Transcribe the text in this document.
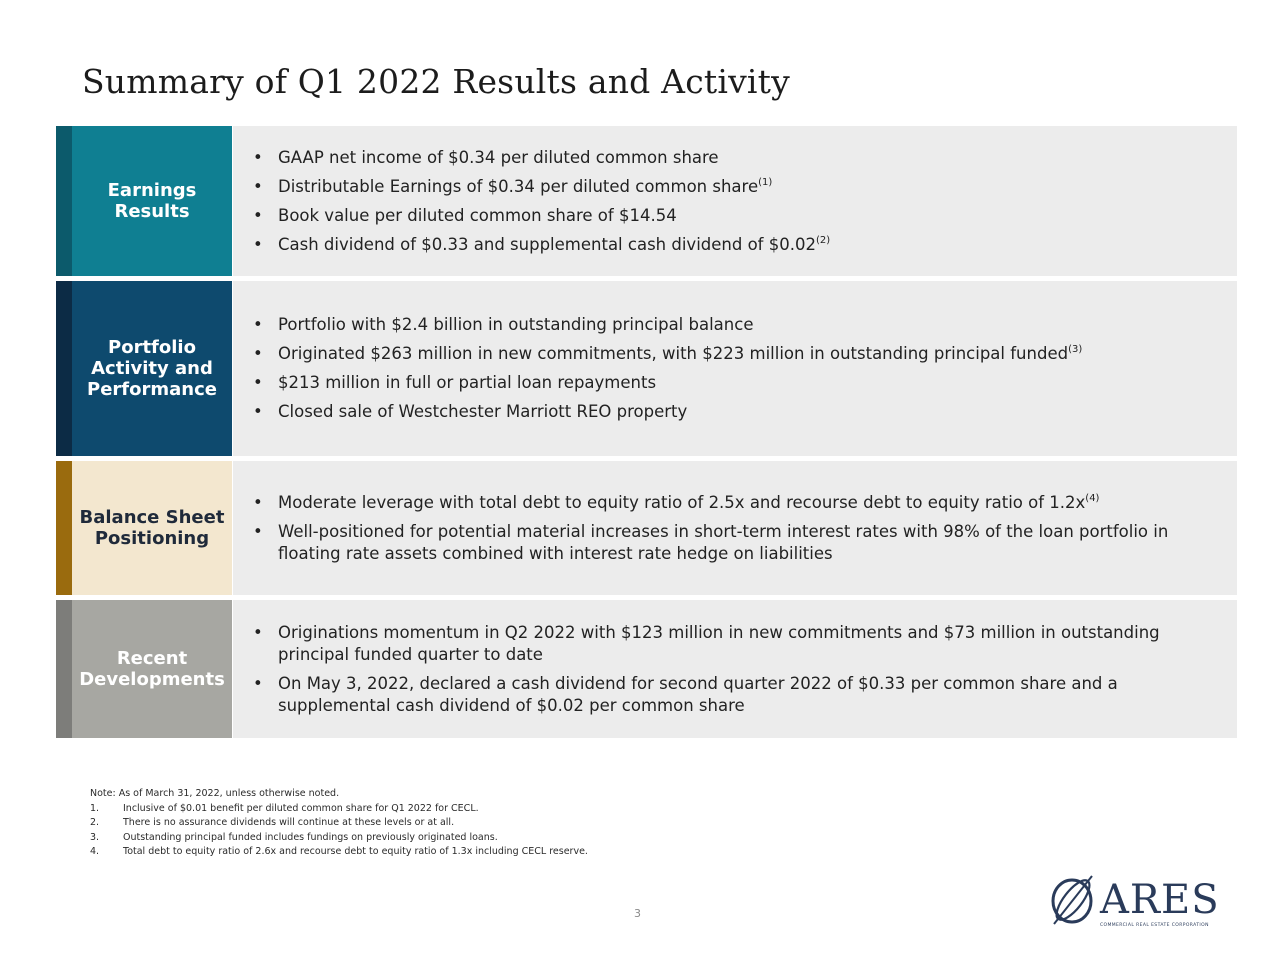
Summary of Q1 2022 Results and Activity
Earnings Results
• GAAP net income of $0.34 per diluted common share
• Distributable Earnings of $0.34 per diluted common share$^{(1)}$
• Book value per diluted common share of $14.54
• Cash dividend of $0.33 and supplemental cash dividend of $0.02$^{(2)}$
Portfolio Activity and Performance
• Portfolio with $2.4 billion in outstanding principal balance
• Originated $263 million in new commitments, with $223 million in outstanding principal funded$^{(3)}$
• $213 million in full or partial loan repayments
• Closed sale of Westchester Marriott REO property
Balance Sheet Positioning
• Moderate leverage with total debt to equity ratio of 2.5x and recourse debt to equity ratio of $1.2x^{(4)}$
• Well-positioned for potential material increases in short-term interest rates with 98% of the loan portfolio in floating rate assets combined with interest rate hedge on liabilities
Recent Developments
• Originations momentum in Q2 2022 with $123 million in new commitments and $73 million in outstanding principal funded quarter to date
• On May 3, 2022, declared a cash dividend for second quarter 2022 of $0.33 per common share and a supplemental cash dividend of $0.02 per common share
Note: As of March 31, 2022, unless otherwise noted.
1.	Inclusive of $0.01 benefit per diluted common share for Q1 2022 for CECL.
2.	There is no assurance dividends will continue at these levels or at all.
3.	Outstanding principal funded includes fundings on previously originated loans.
4.	Total debt to equity ratio of 2.6x and recourse debt to equity ratio of 1.3x including CECL reserve.
3	ARES
COMMERCIAL REAL ESTATE CORPORATION
